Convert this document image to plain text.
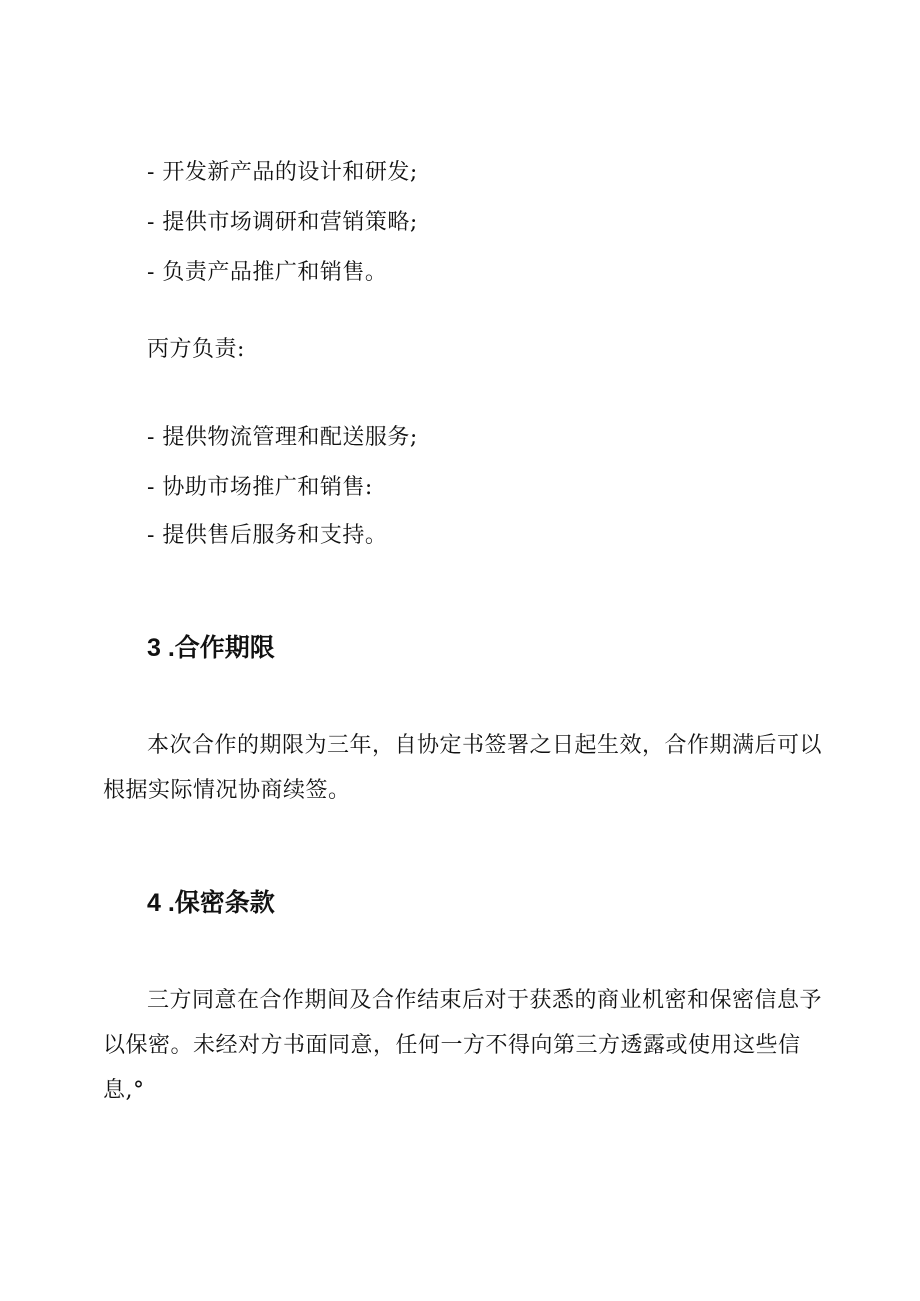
- 开发新产品的设计和研发;
- 提供市场调研和营销策略;
- 负责产品推广和销售。
丙方负责:
- 提供物流管理和配送服务;
- 协助市场推广和销售:
- 提供售后服务和支持。
3 .合作期限
本次合作的期限为三年，自协定书签署之日起生效，合作期满后可以根据实际情况协商续签。
4 .保密条款
三方同意在合作期间及合作结束后对于获悉的商业机密和保密信息予以保密。未经对方书面同意，任何一方不得向第三方透露或使用这些信息,°
